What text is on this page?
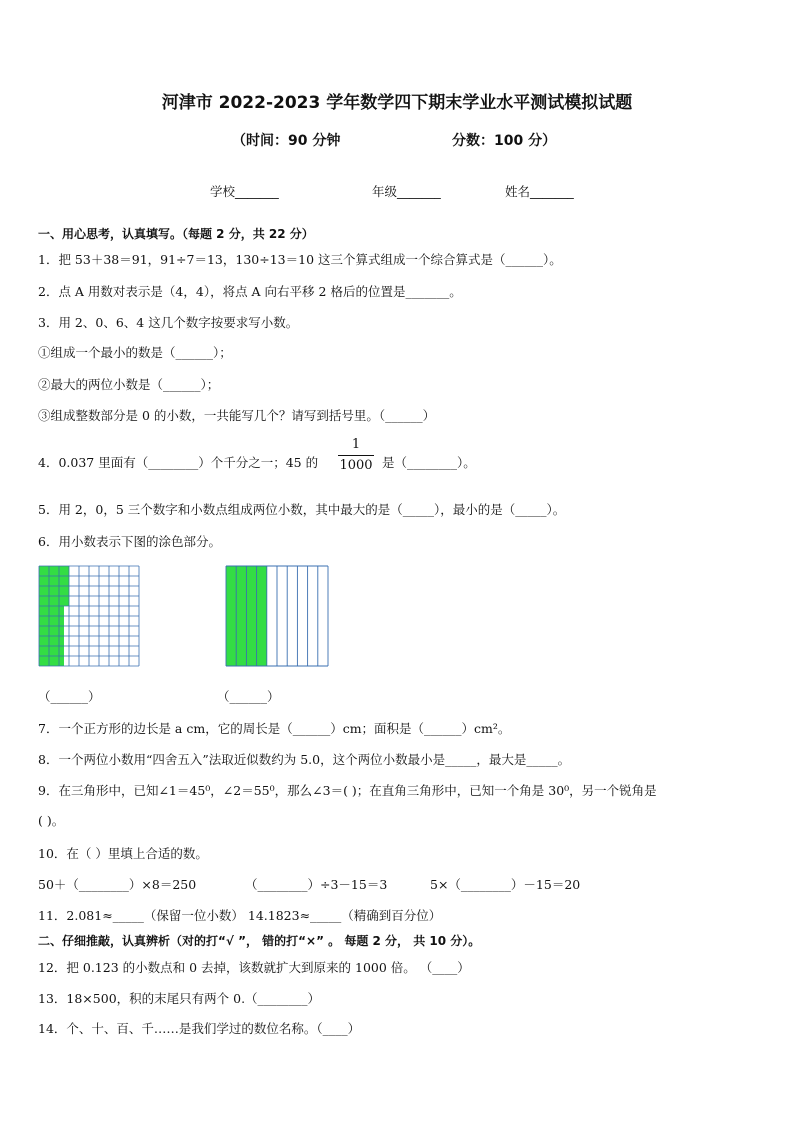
河津市 2022-2023 学年数学四下期末学业水平测试模拟试题
（时间：90 分钟	分数：100 分）
学校_______	年级_______	姓名_______
一、用心思考，认真填写。（每题 2 分，共 22 分）
1．把 53＋38＝91，91÷7＝13，130÷13＝10 这三个算式组成一个综合算式是（______）。
2．点 A 用数对表示是（4，4），将点 A 向右平移 2 格后的位置是_______。
3．用 2、0、6、4 这几个数字按要求写小数。
①组成一个最小的数是（______）；
②最大的两位小数是（______）；
③组成整数部分是 0 的小数，一共能写几个？请写到括号里。（______）
4．0.037 里面有（________）个千分之一；45 的
1
1000 是（________）。
5．用 2，0，5 三个数字和小数点组成两位小数，其中最大的是（_____），最小的是（_____）。
6．用小数表示下图的涂色部分。
（______）	（______）
7．一个正方形的边长是 a cm，它的周长是（______）cm；面积是（______）cm²。
8．一个两位小数用“四舍五入”法取近似数约为 5.0，这个两位小数最小是_____，最大是_____。
9．在三角形中，已知∠1＝45⁰，∠2＝55⁰，那么∠3＝( )；在直角三角形中，已知一个角是 30⁰，另一个锐角是
( )。
10．在（ ）里填上合适的数。
50＋（________）×8＝250	（________）÷3－15＝3	5×（________）－15＝20
11．2.081≈_____（保留一位小数） 14.1823≈_____（精确到百分位）
二、仔细推敲，认真辨析（对的打“√ ”， 错的打“×” 。 每题 2 分， 共 10 分）。
12．把 0.123 的小数点和 0 去掉，该数就扩大到原来的 1000 倍。 （____）
13．18×500，积的末尾只有两个 0.（________）
14．个、十、百、千……是我们学过的数位名称。（____）
